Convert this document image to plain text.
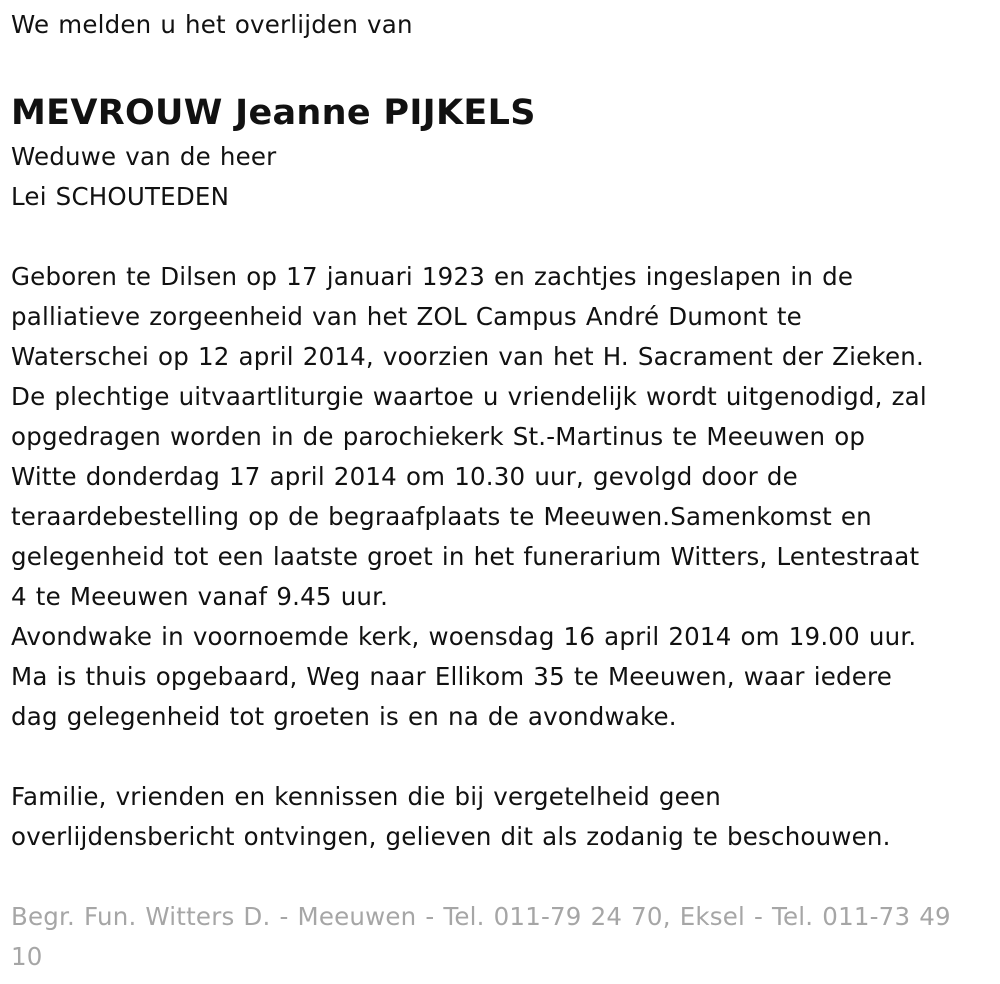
We melden u het overlijden van
MEVROUW Jeanne PIJKELS
Weduwe van de heer
Lei SCHOUTEDEN
Geboren te Dilsen op 17 januari 1923 en zachtjes ingeslapen in de
palliatieve zorgeenheid van het ZOL Campus André Dumont te
Waterschei op 12 april 2014, voorzien van het H. Sacrament der Zieken.
De plechtige uitvaartliturgie waartoe u vriendelijk wordt uitgenodigd, zal
opgedragen worden in de parochiekerk St.-Martinus te Meeuwen op
Witte donderdag 17 april 2014 om 10.30 uur, gevolgd door de
teraardebestelling op de begraafplaats te Meeuwen.Samenkomst en
gelegenheid tot een laatste groet in het funerarium Witters, Lentestraat
4 te Meeuwen vanaf 9.45 uur.
Avondwake in voornoemde kerk, woensdag 16 april 2014 om 19.00 uur.
Ma is thuis opgebaard, Weg naar Ellikom 35 te Meeuwen, waar iedere
dag gelegenheid tot groeten is en na de avondwake.
Familie, vrienden en kennissen die bij vergetelheid geen
overlijdensbericht ontvingen, gelieven dit als zodanig te beschouwen.
Begr. Fun. Witters D. - Meeuwen - Tel. 011-79 24 70, Eksel - Tel. 011-73 49
10
